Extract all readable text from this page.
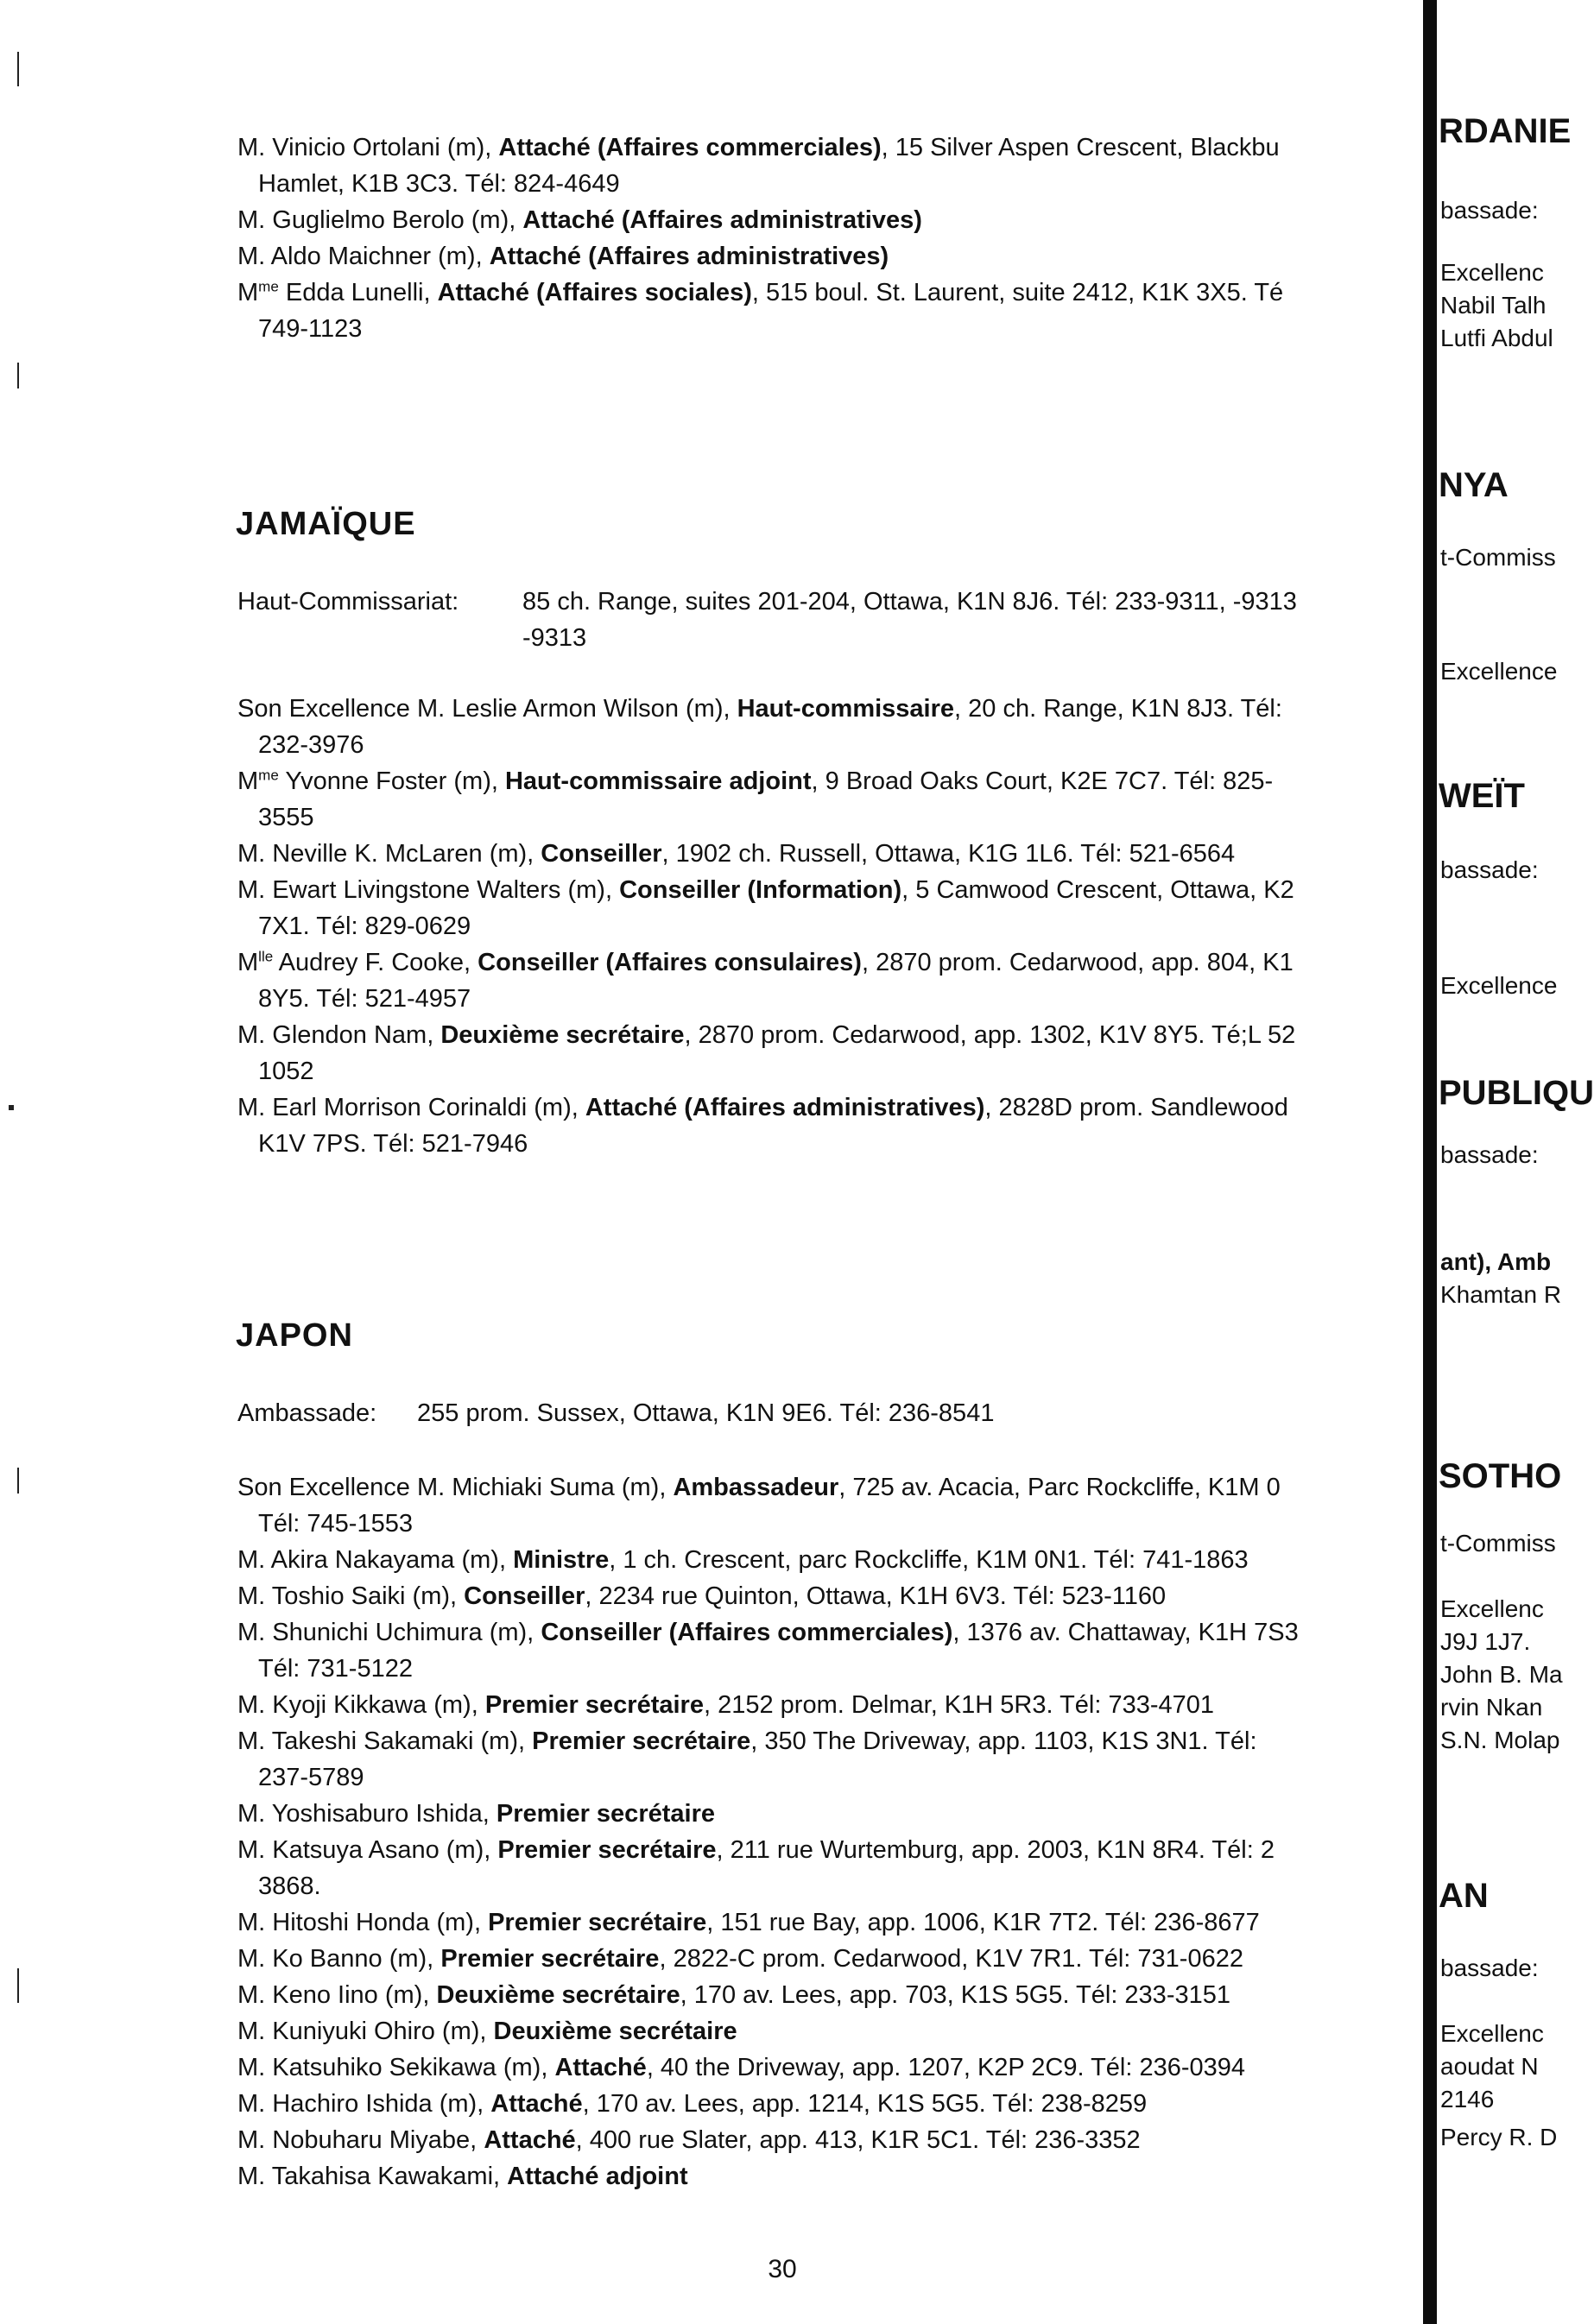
M. Vinicio Ortolani (m), Attaché (Affaires commerciales), 15 Silver Aspen Crescent, Blackbu
Hamlet, K1B 3C3. Tél: 824-4649
M. Guglielmo Berolo (m), Attaché (Affaires administratives)
M. Aldo Maichner (m), Attaché (Affaires administratives)
$M^{me}$ Edda Lunelli, Attaché (Affaires sociales), 515 boul. St. Laurent, suite 2412, K1K 3X5. Té
749-1123
JAMAÏQUE
Haut-Commissariat:	85 ch. Range, suites 201-204, Ottawa, K1N 8J6. Tél: 233-9311, -9313
-9313
Son Excellence M. Leslie Armon Wilson (m), Haut-commissaire, 20 ch. Range, K1N 8J3. Tél:
232-3976
$M^{me}$ Yvonne Foster (m), Haut-commissaire adjoint, 9 Broad Oaks Court, K2E 7C7. Tél: 825-
3555
M. Neville K. McLaren (m), Conseiller, 1902 ch. Russell, Ottawa, K1G 1L6. Tél: 521-6564
M. Ewart Livingstone Walters (m), Conseiller (Information), 5 Camwood Crescent, Ottawa, K2
7X1. Tél: 829-0629
$M^{lle}$ Audrey F. Cooke, Conseiller (Affaires consulaires), 2870 prom. Cedarwood, app. 804, K1
8Y5. Tél: 521-4957
M. Glendon Nam, Deuxième secrétaire, 2870 prom. Cedarwood, app. 1302, K1V 8Y5. Té;L 52
1052
M. Earl Morrison Corinaldi (m), Attaché (Affaires administratives), 2828D prom. Sandlewood
K1V 7PS. Tél: 521-7946
JAPON
Ambassade: 255 prom. Sussex, Ottawa, K1N 9E6. Tél: 236-8541
Son Excellence M. Michiaki Suma (m), Ambassadeur, 725 av. Acacia, Parc Rockcliffe, K1M 0
Tél: 745-1553
M. Akira Nakayama (m), Ministre, 1 ch. Crescent, parc Rockcliffe, K1M 0N1. Tél: 741-1863
M. Toshio Saiki (m), Conseiller, 2234 rue Quinton, Ottawa, K1H 6V3. Tél: 523-1160
M. Shunichi Uchimura (m), Conseiller (Affaires commerciales), 1376 av. Chattaway, K1H 7S3
Tél: 731-5122
M. Kyoji Kikkawa (m), Premier secrétaire, 2152 prom. Delmar, K1H 5R3. Tél: 733-4701
M. Takeshi Sakamaki (m), Premier secrétaire, 350 The Driveway, app. 1103, K1S 3N1. Tél:
237-5789
M. Yoshisaburo Ishida, Premier secrétaire
M. Katsuya Asano (m), Premier secrétaire, 211 rue Wurtemburg, app. 2003, K1N 8R4. Tél: 2
3868.
M. Hitoshi Honda (m), Premier secrétaire, 151 rue Bay, app. 1006, K1R 7T2. Tél: 236-8677
M. Ko Banno (m), Premier secrétaire, 2822-C prom. Cedarwood, K1V 7R1. Tél: 731-0622
M. Keno Iino (m), Deuxième secrétaire, 170 av. Lees, app. 703, K1S 5G5. Tél: 233-3151
M. Kuniyuki Ohiro (m), Deuxième secrétaire
M. Katsuhiko Sekikawa (m), Attaché, 40 the Driveway, app. 1207, K2P 2C9. Tél: 236-0394
M. Hachiro Ishida (m), Attaché, 170 av. Lees, app. 1214, K1S 5G5. Tél: 238-8259
M. Nobuharu Miyabe, Attaché, 400 rue Slater, app. 413, K1R 5C1. Tél: 236-3352
M. Takahisa Kawakami, Attaché adjoint
30
RDANIE
bassade:
Excellenc
Nabil Talh
Lutfi Abdul
NYA
t-Commiss
Excellence
WEÏT
bassade:
Excellence
PUBLIQU
bassade:
ant), Amb
Khamtan R
SOTHO
t-Commiss
Excellenc
J9J 1J7.
John B. Ma
rvin Nkan
S.N. Molap
AN
bassade:
Excellenc
aoudat N
2146
Percy R. D
